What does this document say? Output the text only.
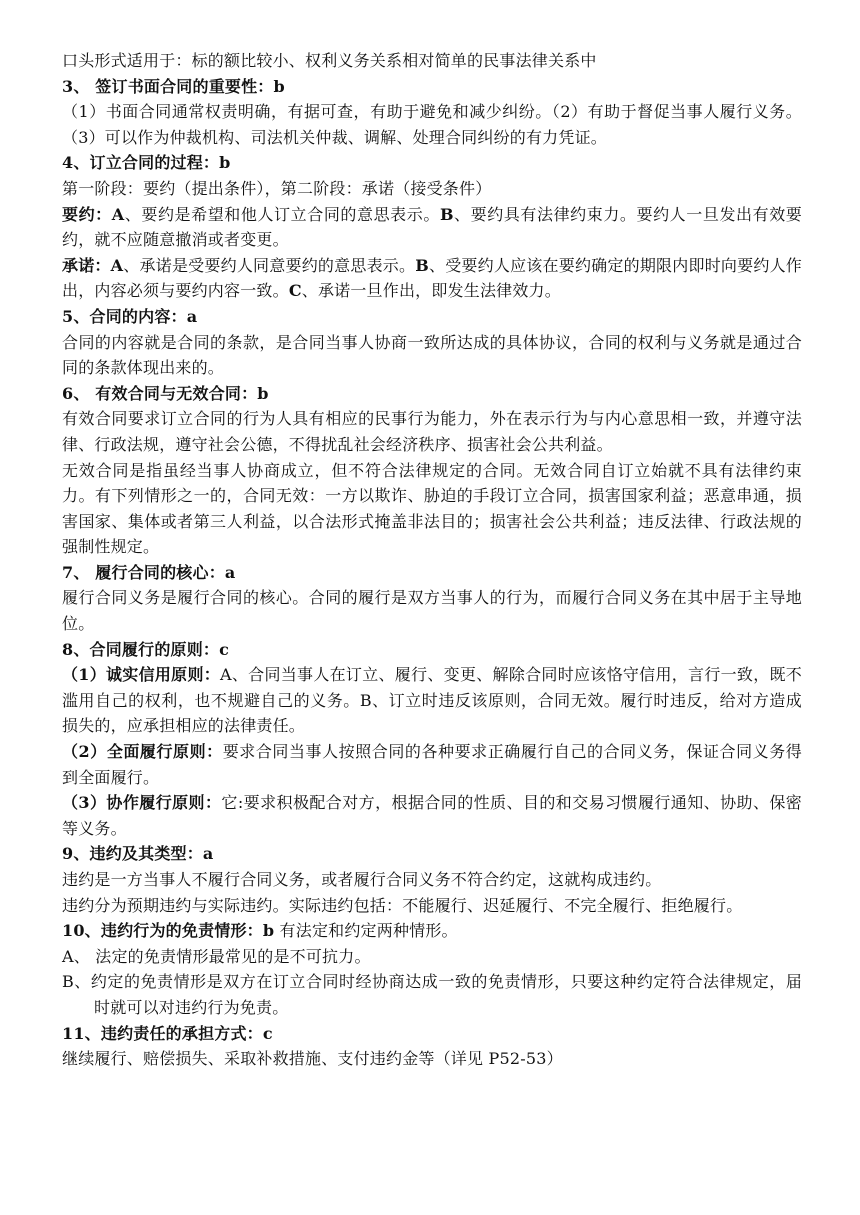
口头形式适用于：标的额比较小、权利义务关系相对简单的民事法律关系中

3、 签订书面合同的重要性：b

（1）书面合同通常权责明确，有据可查，有助于避免和减少纠纷。（2）有助于督促当事人履行义务。（3）可以作为仲裁机构、司法机关仲裁、调解、处理合同纠纷的有力凭证。

4、订立合同的过程：b

第一阶段：要约（提出条件），第二阶段：承诺（接受条件）

要约：A、要约是希望和他人订立合同的意思表示。B、要约具有法律约束力。要约人一旦发出有效要约，就不应随意撤消或者变更。

承诺：A、承诺是受要约人同意要约的意思表示。B、受要约人应该在要约确定的期限内即时向要约人作出，内容必须与要约内容一致。C、承诺一旦作出，即发生法律效力。

5、合同的内容：a

合同的内容就是合同的条款，是合同当事人协商一致所达成的具体协议，合同的权利与义务就是通过合同的条款体现出来的。

6、 有效合同与无效合同：b

有效合同要求订立合同的行为人具有相应的民事行为能力，外在表示行为与内心意思相一致，并遵守法律、行政法规，遵守社会公德，不得扰乱社会经济秩序、损害社会公共利益。

无效合同是指虽经当事人协商成立，但不符合法律规定的合同。无效合同自订立始就不具有法律约束力。有下列情形之一的，合同无效：一方以欺诈、胁迫的手段订立合同，损害国家利益；恶意串通，损害国家、集体或者第三人利益，以合法形式掩盖非法目的；损害社会公共利益；违反法律、行政法规的强制性规定。

7、 履行合同的核心：a

履行合同义务是履行合同的核心。合同的履行是双方当事人的行为，而履行合同义务在其中居于主导地位。

8、合同履行的原则：c

（1）诚实信用原则：A、合同当事人在订立、履行、变更、解除合同时应该恪守信用，言行一致，既不滥用自己的权利，也不规避自己的义务。B、订立时违反该原则，合同无效。履行时违反，给对方造成损失的，应承担相应的法律责任。

（2）全面履行原则：要求合同当事人按照合同的各种要求正确履行自己的合同义务，保证合同义务得到全面履行。

（3）协作履行原则：它:要求积极配合对方，根据合同的性质、目的和交易习惯履行通知、协助、保密等义务。

9、违约及其类型：a

违约是一方当事人不履行合同义务，或者履行合同义务不符合约定，这就构成违约。

违约分为预期违约与实际违约。实际违约包括：不能履行、迟延履行、不完全履行、拒绝履行。

10、违约行为的免责情形：b 有法定和约定两种情形。

A、 法定的免责情形最常见的是不可抗力。

B、约定的免责情形是双方在订立合同时经协商达成一致的免责情形，只要这种约定符合法律规定，届时就可以对违约行为免责。

11、违约责任的承担方式：c

继续履行、赔偿损失、采取补救措施、支付违约金等（详见 P52-53）
